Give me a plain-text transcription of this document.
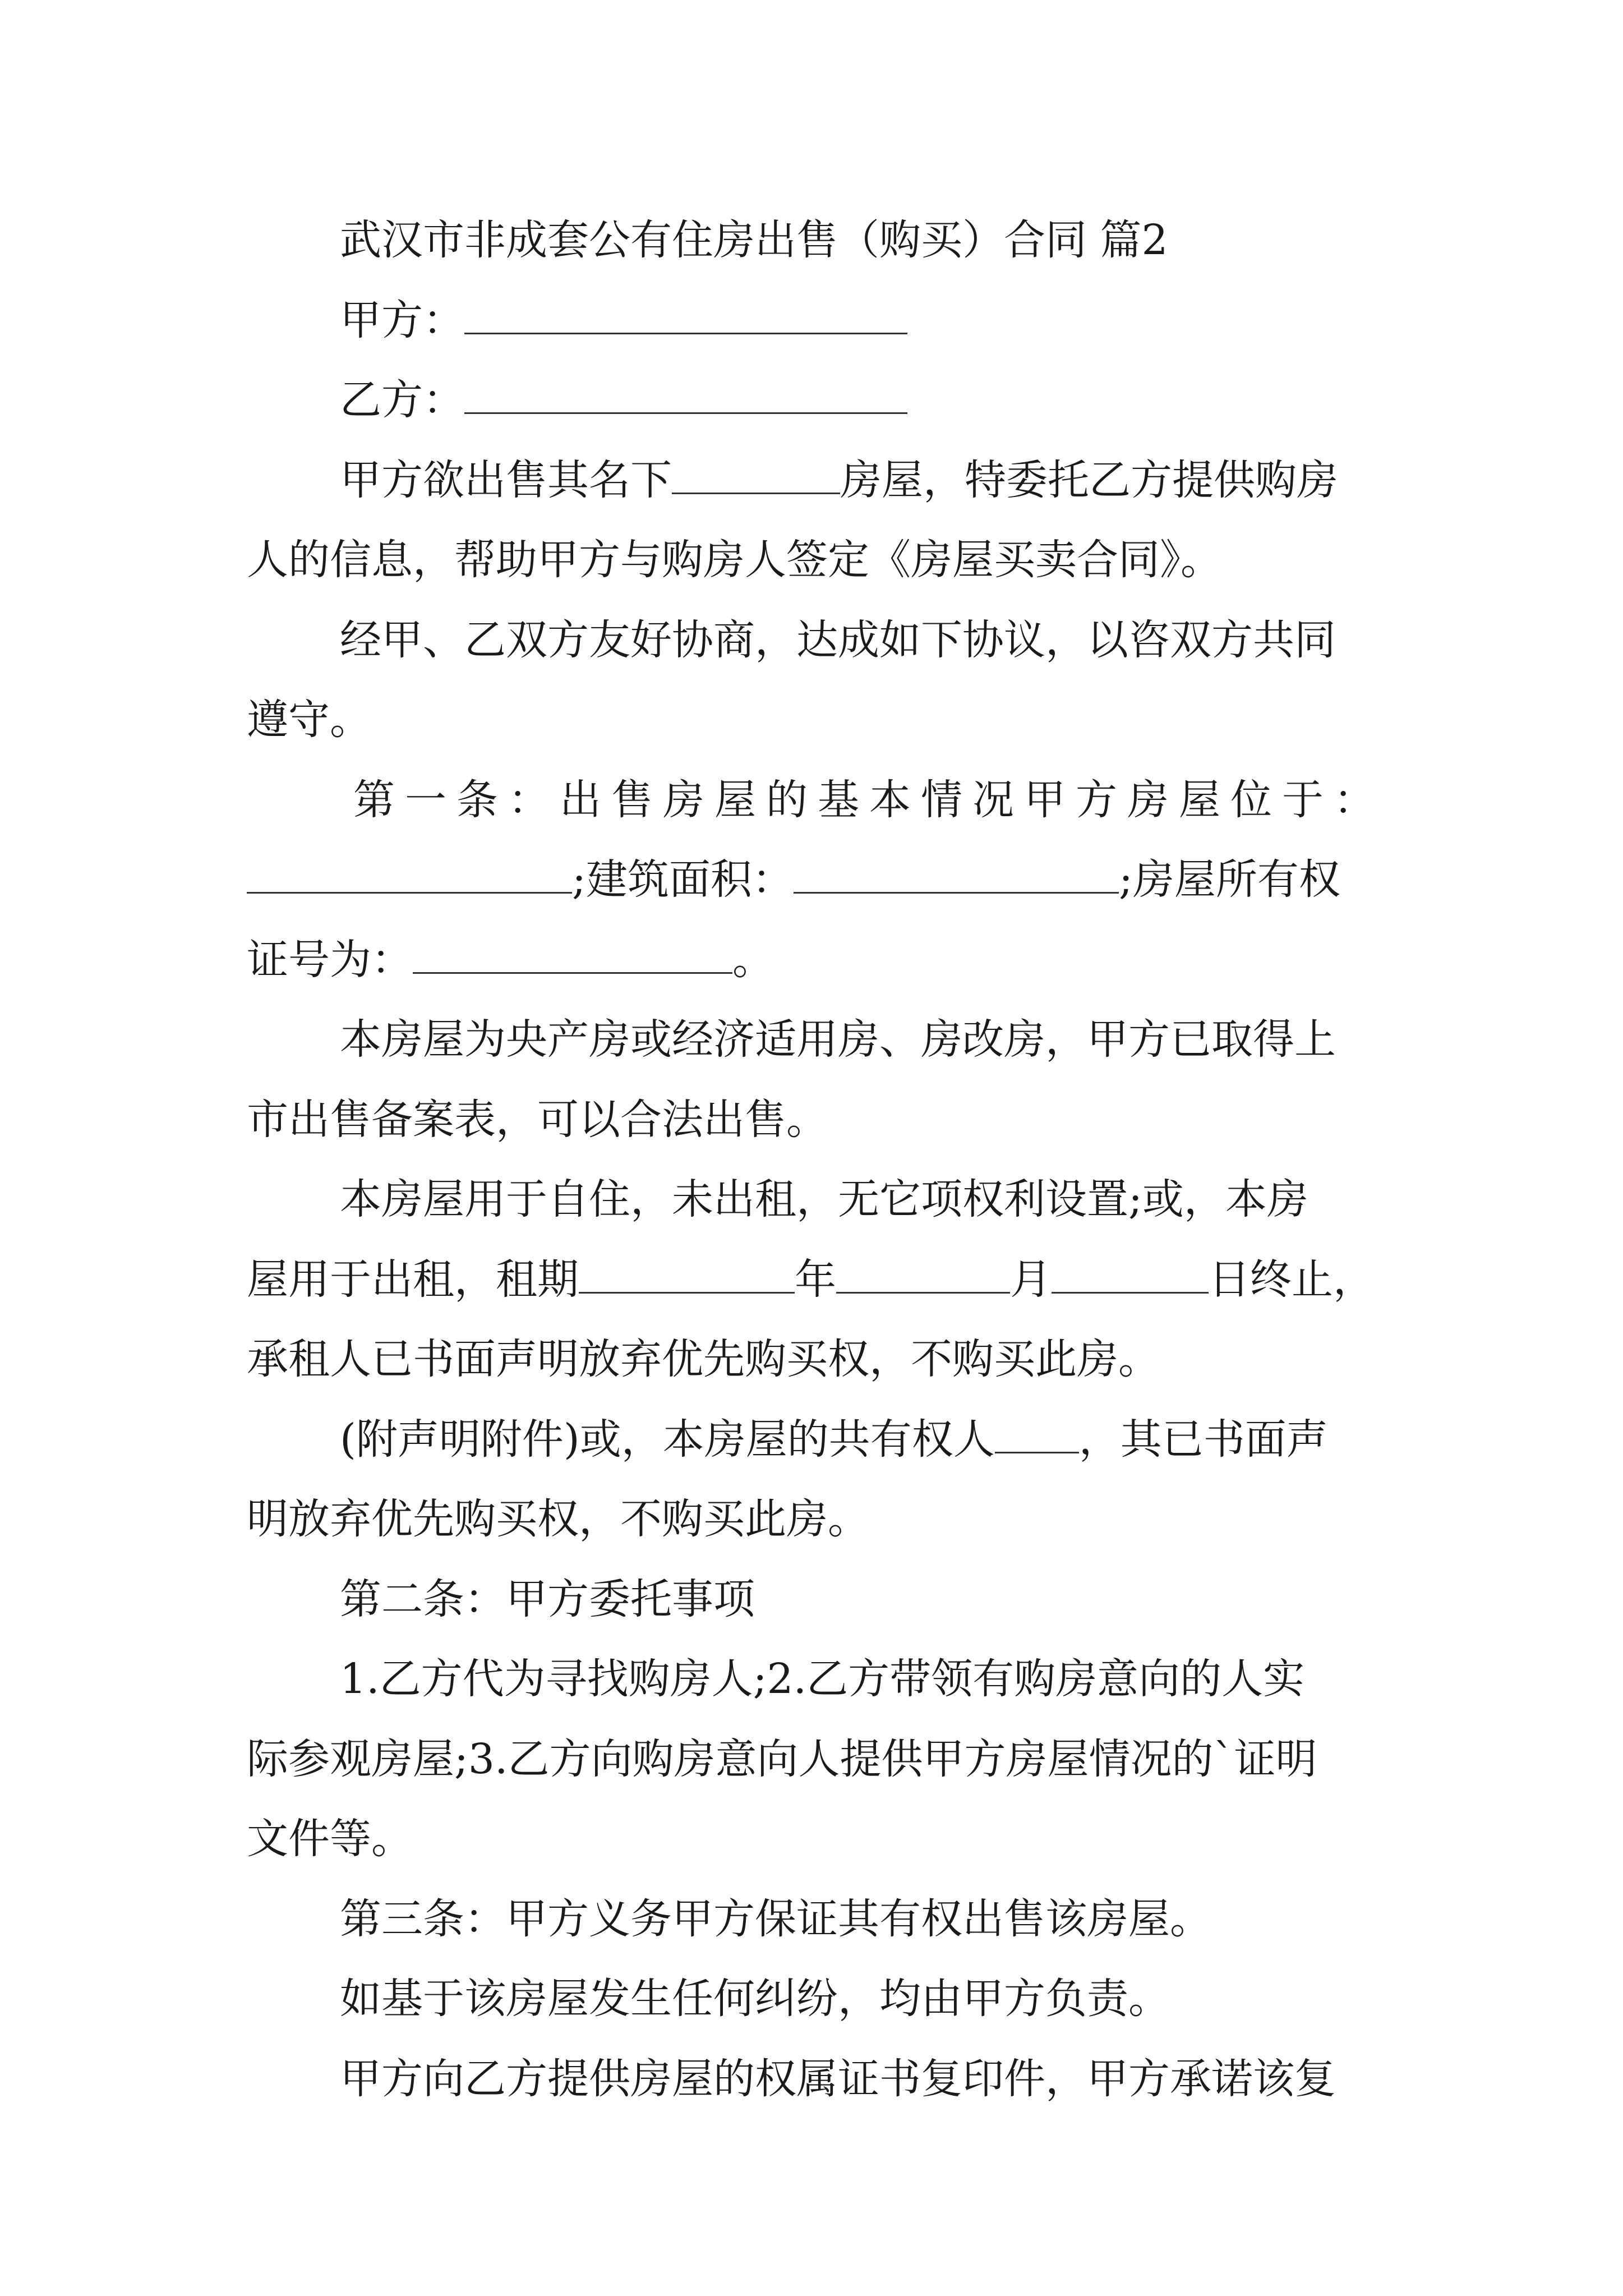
武汉市非成套公有住房出售（购买）合同 篇2
甲方：
乙方：
甲方欲出售其名下	房屋，特委托乙方提供购房
人的信息，帮助甲方与购房人签定《房屋买卖合同》。
经甲、乙双方友好协商，达成如下协议，以咨双方共同
遵守。
第一条：出售房屋的基本情况甲方房屋位于：
;建筑面积：	;房屋所有权
证号为：	。
本房屋为央产房或经济适用房、房改房，甲方已取得上
市出售备案表，可以合法出售。
本房屋用于自住，未出租，无它项权利设置;或，本房
屋用于出租，租期	年	月	日终止，
承租人已书面声明放弃优先购买权，不购买此房。
(附声明附件)或，本房屋的共有权人 ，其已书面声
明放弃优先购买权，不购买此房。
第二条：甲方委托事项
1.乙方代为寻找购房人;2.乙方带领有购房意向的人实
际参观房屋;3.乙方向购房意向人提供甲方房屋情况的`证明
文件等。
第三条：甲方义务甲方保证其有权出售该房屋。
如基于该房屋发生任何纠纷，均由甲方负责。
甲方向乙方提供房屋的权属证书复印件，甲方承诺该复
